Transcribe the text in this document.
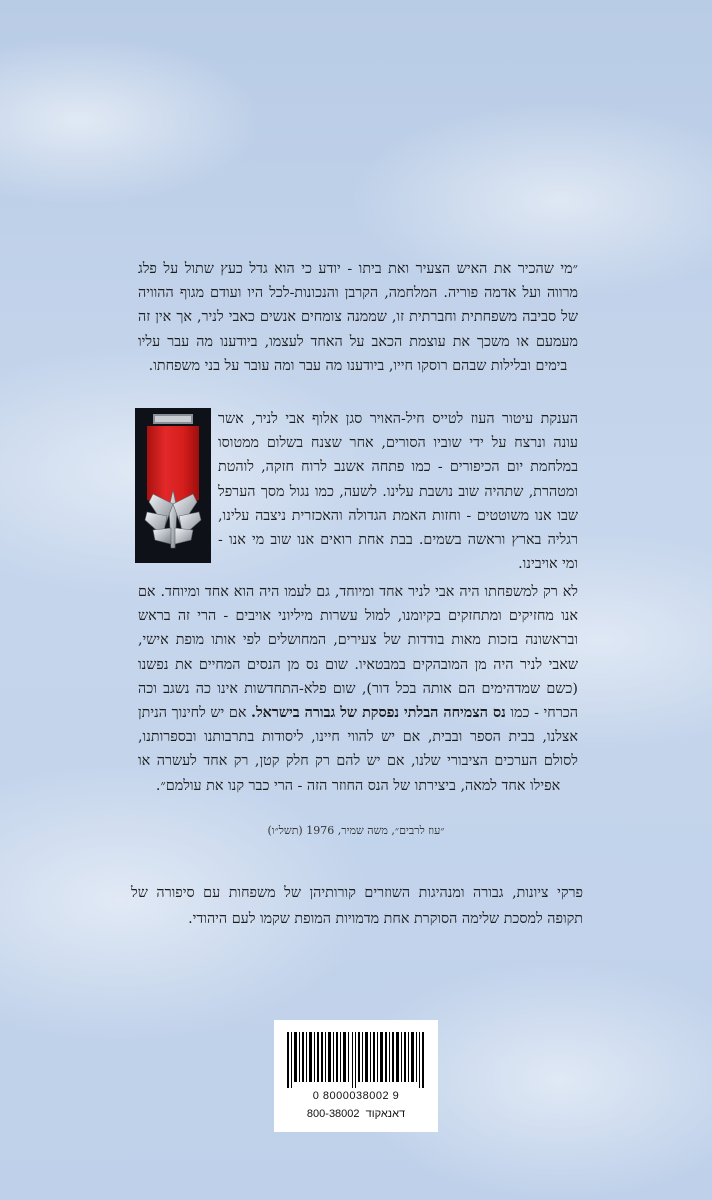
״מי שהכיר את האיש הצעיר ואת ביתו - יודע כי הוא גדל כעץ שתול על פלג מרווה ועל אדמה פוריה. המלחמה, הקרבן והנכונות-לכל היו ועודם מגוף ההוויה של סביבה משפחתית וחברתית זו, שממנה צומחים אנשים כאבי לניר, אך אין זה מעמעם או משכך את עוצמת הכאב על האחד לעצמו, ביודענו מה עבר עליו בימים ובלילות שבהם רוסקו חייו, ביודענו מה עבר ומה עובר על בני משפחתו.
הענקת עיטור העוז לטייס חיל-האויר סגן אלוף אבי לניר, אשר עונה ונרצח על ידי שוביו הסורים, אחר שצנח בשלום ממטוסו במלחמת יום הכיפורים - כמו פתחה אשנב לרוח חזקה, לוהטת ומטהרת, שתהיה שוב נושבת עלינו. לשעה, כמו נגול מסך הערפל שבו אנו משוטטים - וחזות האמת הגדולה והאכזרית ניצבה עלינו, רגליה בארץ וראשה בשמים. בבת אחת רואים אנו שוב מי אנו - ומי אויבינו.
לא רק למשפחתו היה אבי לניר אחד ומיוחד, גם לעמו היה הוא אחד ומיוחד. אם אנו מחזיקים ומתחזקים בקיומנו, למול עשרות מיליוני אויבים - הרי זה בראש ובראשונה בזכות מאות בודדות של צעירים, המחושלים לפי אותו מופת אישי, שאבי לניר היה מן המובהקים במבטאיו. שום נס מן הנסים המחיים את נפשנו (כשם שמדהימים הם אותה בכל דור), שום פלא-התחדשות אינו כה נשגב וכה הכרחי - כמו נס הצמיחה הבלתי נפסקת של גבורה בישראל. אם יש לחינוך הניתן אצלנו, בבית הספר ובבית, אם יש להווי חיינו, ליסודות בתרבותנו ובספרותנו, לסולם הערכים הציבורי שלנו, אם יש להם רק חלק קטן, רק אחד לעשרה או אפילו אחד למאה, ביצירתו של הנס החוזר הזה - הרי כבר קנו את עולמם״.
״עוז לרבים״, משה שמיר, 1976 (תשל״ו)
פרקי ציונות, גבורה ומנהיגות השוזרים קורותיהן של משפחות עם סיפורה של תקופה למסכת שלימה הסוקרת אחת מדמויות המופת שקמו לעם היהודי.
0 8000038002 9
800-38002 דאנאקוד
